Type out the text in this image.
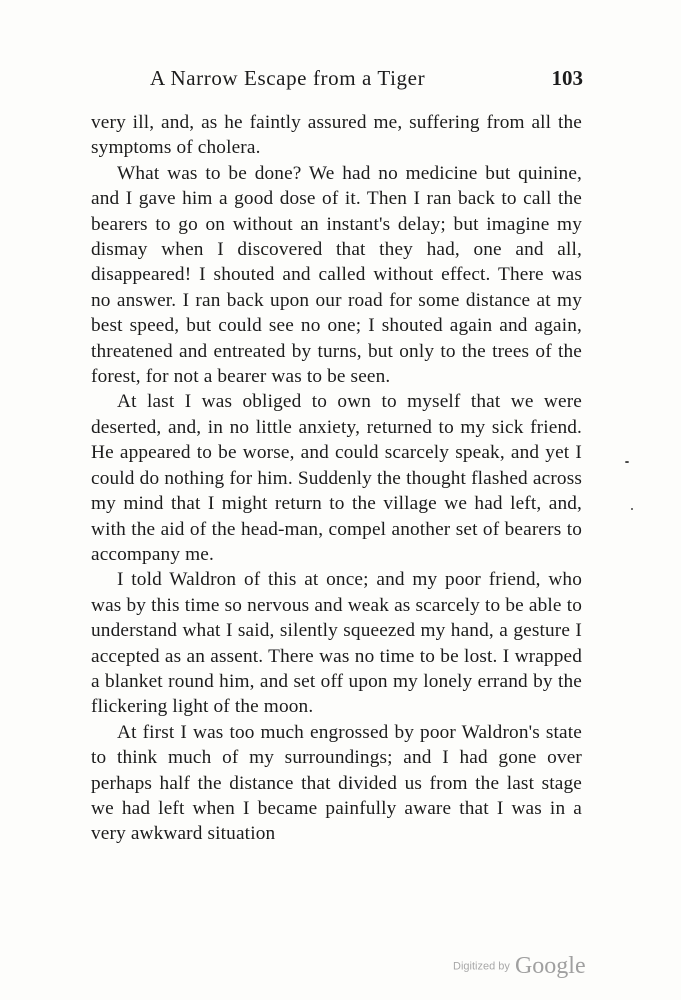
A Narrow Escape from a Tiger	103

very ill, and, as he faintly assured me, suffering from all the symptoms of cholera.

What was to be done? We had no medicine but quinine, and I gave him a good dose of it. Then I ran back to call the bearers to go on without an instant's delay; but imagine my dismay when I discovered that they had, one and all, disappeared! I shouted and called without effect. There was no answer. I ran back upon our road for some distance at my best speed, but could see no one; I shouted again and again, threatened and entreated by turns, but only to the trees of the forest, for not a bearer was to be seen.

At last I was obliged to own to myself that we were deserted, and, in no little anxiety, returned to my sick friend. He appeared to be worse, and could scarcely speak, and yet I could do nothing for him. Suddenly the thought flashed across my mind that I might return to the village we had left, and, with the aid of the head-man, compel another set of bearers to accompany me.

I told Waldron of this at once; and my poor friend, who was by this time so nervous and weak as scarcely to be able to understand what I said, silently squeezed my hand, a gesture I accepted as an assent. There was no time to be lost. I wrapped a blanket round him, and set off upon my lonely errand by the flickering light of the moon.

At first I was too much engrossed by poor Waldron's state to think much of my surroundings; and I had gone over perhaps half the distance that divided us from the last stage we had left when I became painfully aware that I was in a very awkward situation

Digitized by Google
